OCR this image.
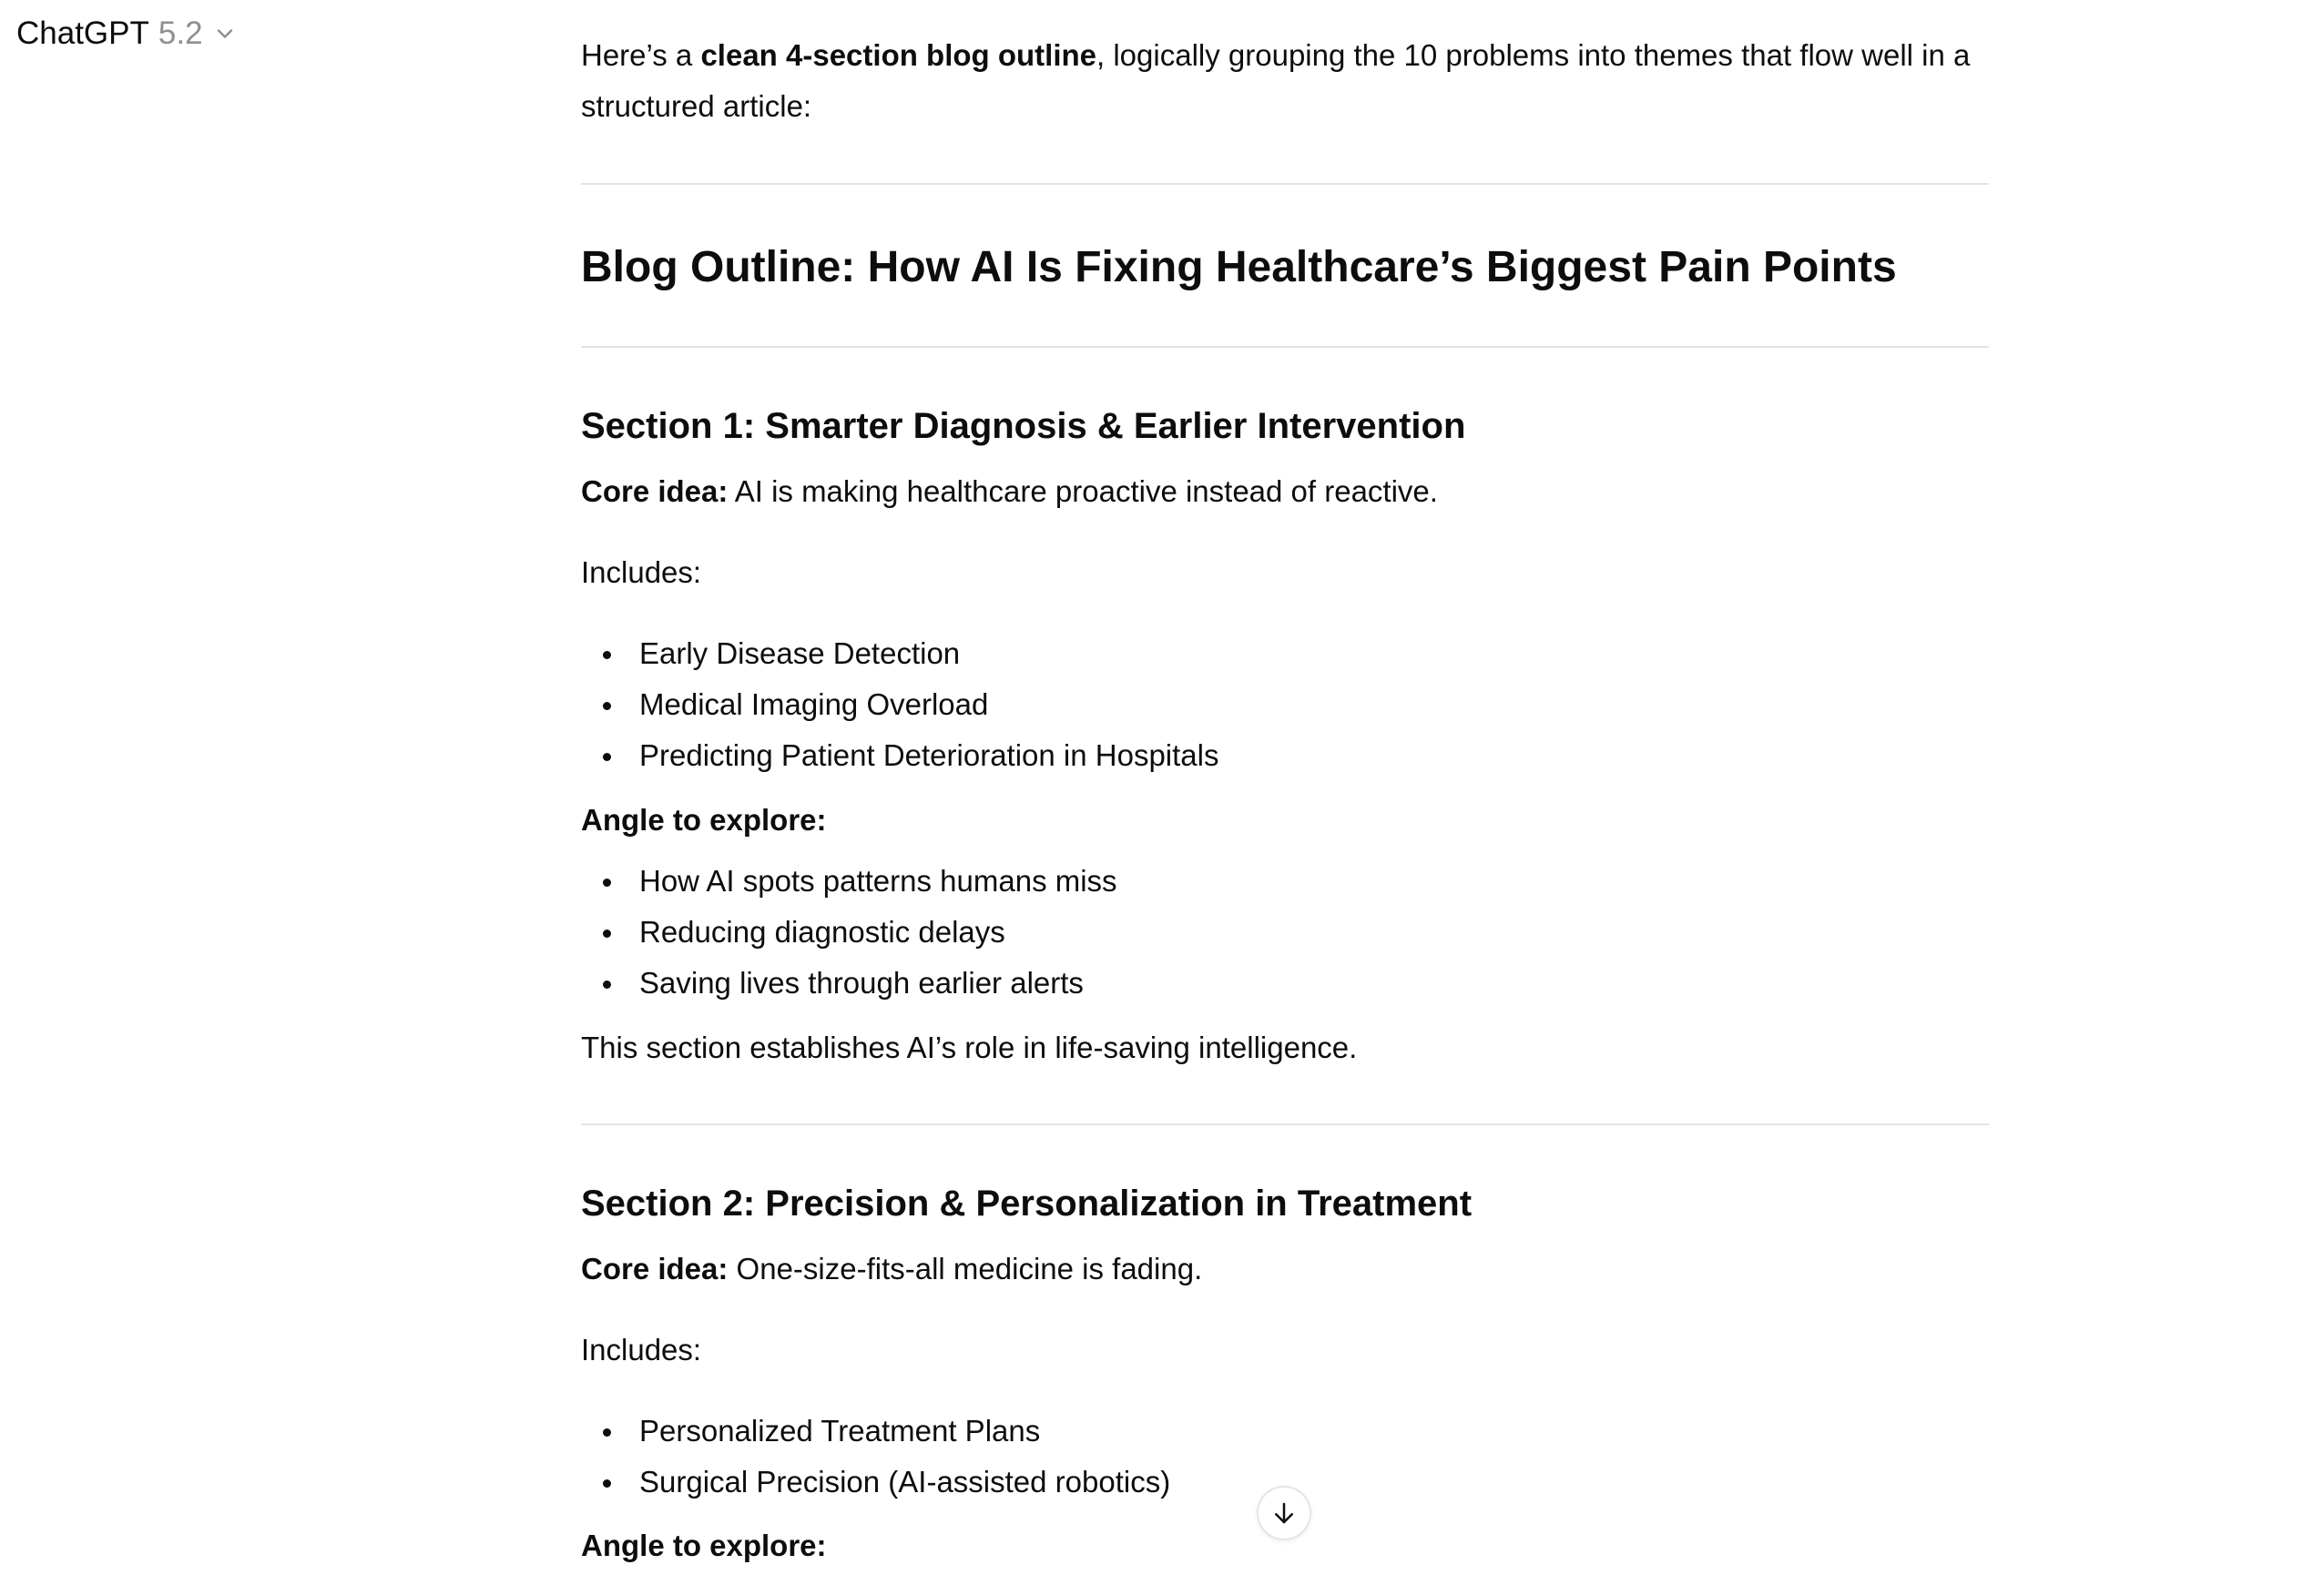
ChatGPT 5.2

Here’s a clean 4-section blog outline, logically grouping the 10 problems into themes that flow well in a structured article:

Blog Outline: How AI Is Fixing Healthcare’s Biggest Pain Points
Section 1: Smarter Diagnosis & Earlier Intervention
Core idea: AI is making healthcare proactive instead of reactive.
Includes:
Early Disease Detection
Medical Imaging Overload
Predicting Patient Deterioration in Hospitals
Angle to explore:
How AI spots patterns humans miss
Reducing diagnostic delays
Saving lives through earlier alerts
This section establishes AI’s role in life-saving intelligence.
Section 2: Precision & Personalization in Treatment
Core idea: One-size-fits-all medicine is fading.
Includes:
Personalized Treatment Plans
Surgical Precision (AI-assisted robotics)
Angle to explore:
